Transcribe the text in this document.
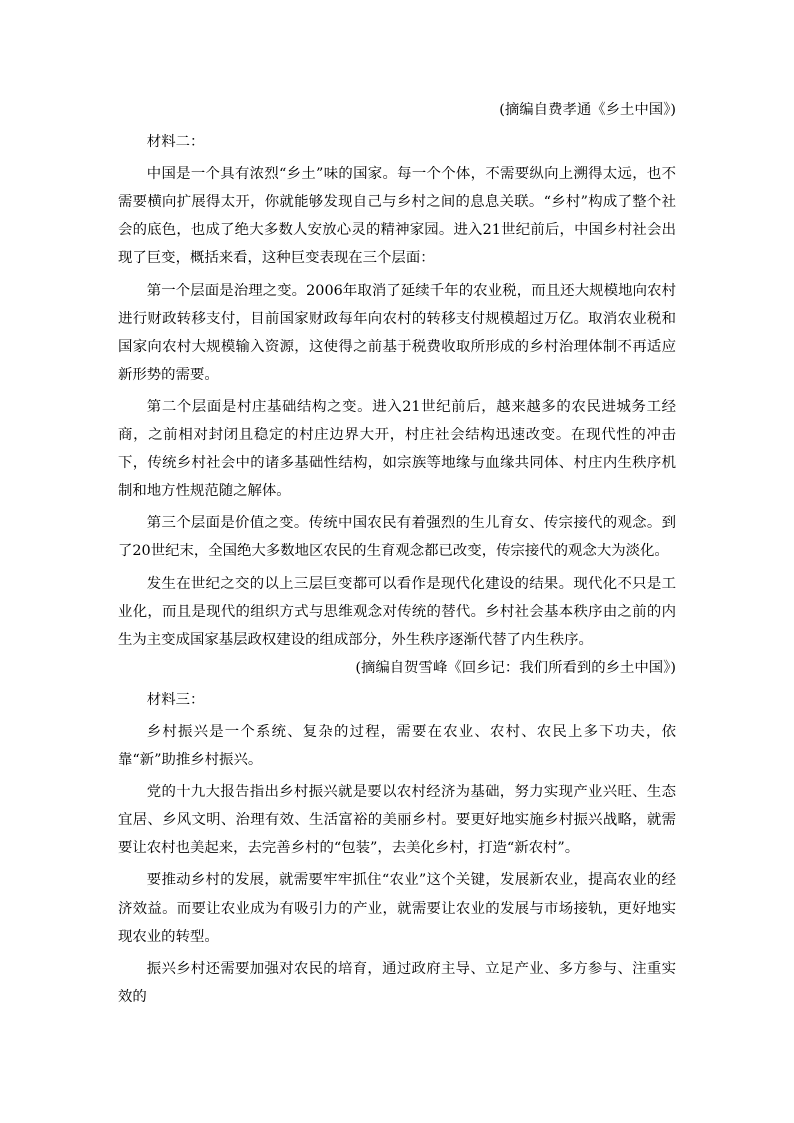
(摘编自费孝通《乡土中国》)

材料二：

中国是一个具有浓烈“乡土”味的国家。每一个个体，不需要纵向上溯得太远，也不需要横向扩展得太开，你就能够发现自己与乡村之间的息息关联。“乡村”构成了整个社会的底色，也成了绝大多数人安放心灵的精神家园。进入21世纪前后，中国乡村社会出现了巨变，概括来看，这种巨变表现在三个层面：

第一个层面是治理之变。2006年取消了延续千年的农业税，而且还大规模地向农村进行财政转移支付，目前国家财政每年向农村的转移支付规模超过万亿。取消农业税和国家向农村大规模输入资源，这使得之前基于税费收取所形成的乡村治理体制不再适应新形势的需要。

第二个层面是村庄基础结构之变。进入21世纪前后，越来越多的农民进城务工经商，之前相对封闭且稳定的村庄边界大开，村庄社会结构迅速改变。在现代性的冲击下，传统乡村社会中的诸多基础性结构，如宗族等地缘与血缘共同体、村庄内生秩序机制和地方性规范随之解体。

第三个层面是价值之变。传统中国农民有着强烈的生儿育女、传宗接代的观念。到了20世纪末，全国绝大多数地区农民的生育观念都已改变，传宗接代的观念大为淡化。

发生在世纪之交的以上三层巨变都可以看作是现代化建设的结果。现代化不只是工业化，而且是现代的组织方式与思维观念对传统的替代。乡村社会基本秩序由之前的内生为主变成国家基层政权建设的组成部分，外生秩序逐渐代替了内生秩序。

(摘编自贺雪峰《回乡记：我们所看到的乡土中国》)

材料三：

乡村振兴是一个系统、复杂的过程，需要在农业、农村、农民上多下功夫，依靠“新”助推乡村振兴。

党的十九大报告指出乡村振兴就是要以农村经济为基础，努力实现产业兴旺、生态宜居、乡风文明、治理有效、生活富裕的美丽乡村。要更好地实施乡村振兴战略，就需要让农村也美起来，去完善乡村的“包装”，去美化乡村，打造“新农村”。

要推动乡村的发展，就需要牢牢抓住“农业”这个关键，发展新农业，提高农业的经济效益。而要让农业成为有吸引力的产业，就需要让农业的发展与市场接轨，更好地实现农业的转型。

振兴乡村还需要加强对农民的培育，通过政府主导、立足产业、多方参与、注重实效的
